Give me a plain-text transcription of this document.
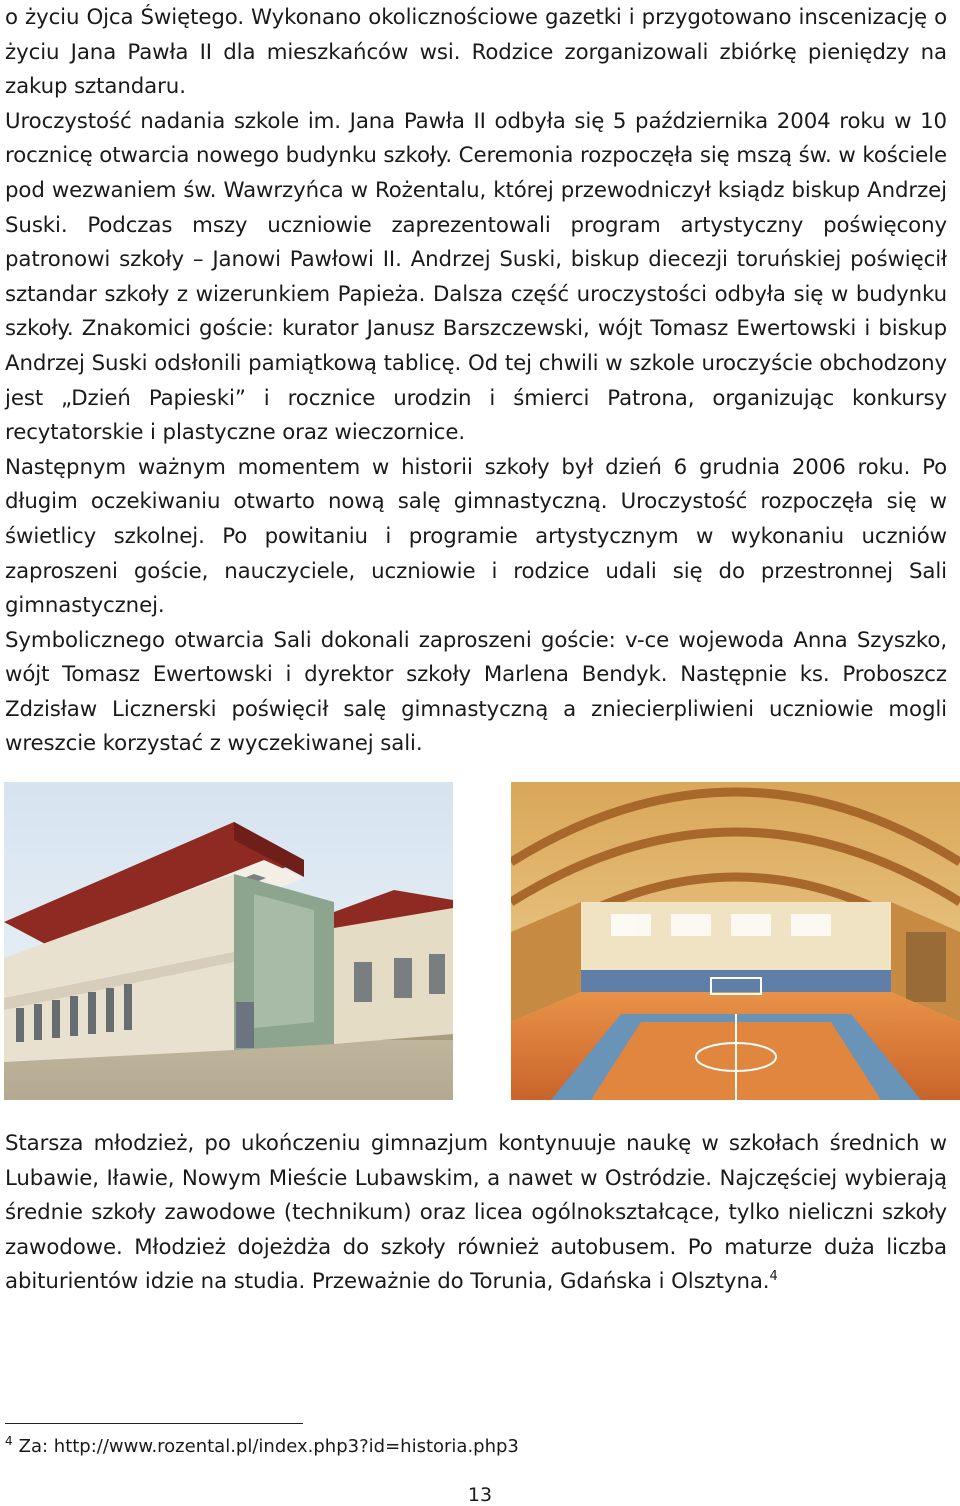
o życiu Ojca Świętego. Wykonano okolicznościowe gazetki i przygotowano inscenizację o życiu Jana Pawła II dla mieszkańców wsi. Rodzice zorganizowali zbiórkę pieniędzy na zakup sztandaru.

Uroczystość nadania szkole im. Jana Pawła II odbyła się 5 października 2004 roku w 10 rocznicę otwarcia nowego budynku szkoły. Ceremonia rozpoczęła się mszą św. w kościele pod wezwaniem św. Wawrzyńca w Rożentalu, której przewodniczył ksiądz biskup Andrzej Suski. Podczas mszy uczniowie zaprezentowali program artystyczny poświęcony patronowi szkoły – Janowi Pawłowi II. Andrzej Suski, biskup diecezji toruńskiej poświęcił sztandar szkoły z wizerunkiem Papieża. Dalsza część uroczystości odbyła się w budynku szkoły. Znakomici goście: kurator Janusz Barszczewski, wójt Tomasz Ewertowski i biskup Andrzej Suski odsłonili pamiątkową tablicę. Od tej chwili w szkole uroczyście obchodzony jest „Dzień Papieski” i rocznice urodzin i śmierci Patrona, organizując konkursy recytatorskie i plastyczne oraz wieczornice.

Następnym ważnym momentem w historii szkoły był dzień 6 grudnia 2006 roku. Po długim oczekiwaniu otwarto nową salę gimnastyczną. Uroczystość rozpoczęła się w świetlicy szkolnej. Po powitaniu i programie artystycznym w wykonaniu uczniów zaproszeni goście, nauczyciele, uczniowie i rodzice udali się do przestronnej Sali gimnastycznej.

Symbolicznego otwarcia Sali dokonali zaproszeni goście: v-ce wojewoda Anna Szyszko, wójt Tomasz Ewertowski i dyrektor szkoły Marlena Bendyk. Następnie ks. Proboszcz Zdzisław Licznerski poświęcił salę gimnastyczną a zniecierpliwieni uczniowie mogli wreszcie korzystać z wyczekiwanej sali.

Starsza młodzież, po ukończeniu gimnazjum kontynuuje naukę w szkołach średnich w Lubawie, Iławie, Nowym Mieście Lubawskim, a nawet w Ostródzie. Najczęściej wybierają średnie szkoły zawodowe (technikum) oraz licea ogólnokształcące, tylko nieliczni szkoły zawodowe. Młodzież dojeżdża do szkoły również autobusem. Po maturze duża liczba abiturientów idzie na studia. Przeważnie do Torunia, Gdańska i Olsztyna.$^4$

$^4$ Za: http://www.rozental.pl/index.php3?id=historia.php3
13
